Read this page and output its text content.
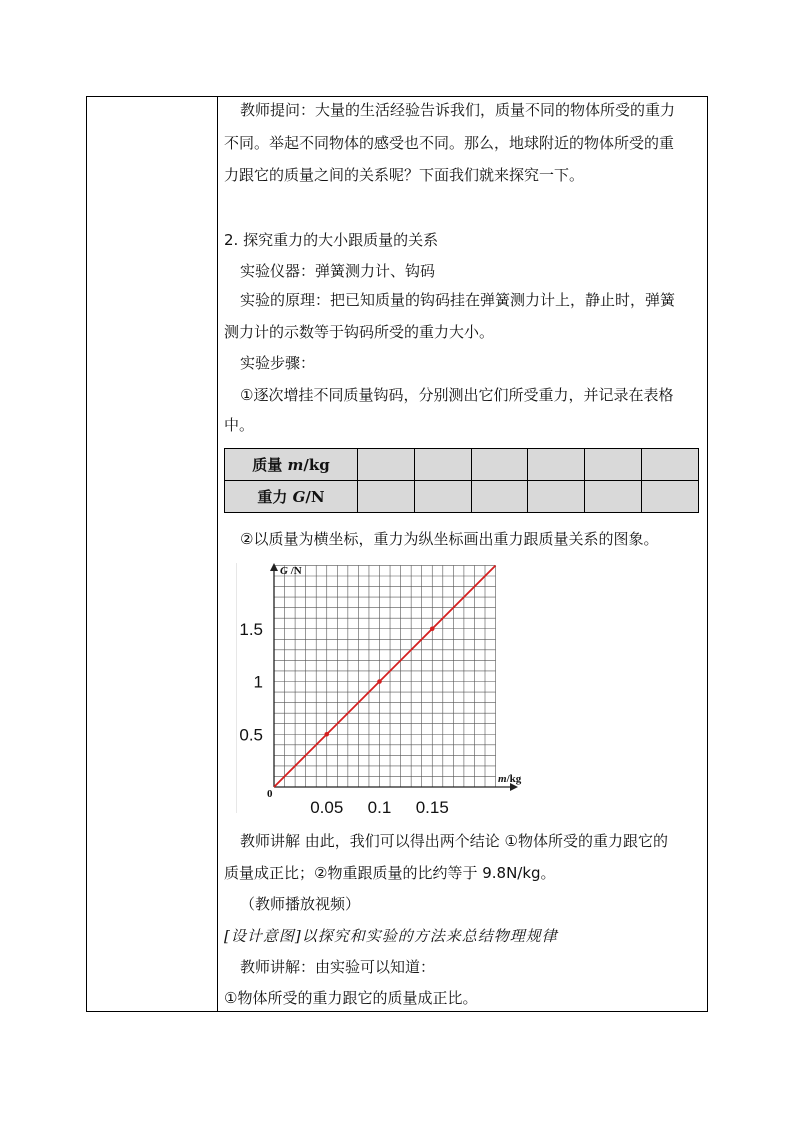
教师提问：大量的生活经验告诉我们，质量不同的物体所受的重力
不同。举起不同物体的感受也不同。那么，地球附近的物体所受的重
力跟它的质量之间的关系呢？下面我们就来探究一下。
2. 探究重力的大小跟质量的关系
实验仪器：弹簧测力计、钩码
实验的原理：把已知质量的钩码挂在弹簧测力计上，静止时，弹簧
测力计的示数等于钩码所受的重力大小。
实验步骤：
①逐次增挂不同质量钩码，分别测出它们所受重力，并记录在表格
中。
质量 m/kg						
重力 G/N						
②以质量为横坐标，重力为纵坐标画出重力跟质量关系的图象。
G /N
m/kg
0
0.05 0.1 0.15
0.5
1
1.5
教师讲解 由此，我们可以得出两个结论 ①物体所受的重力跟它的
质量成正比；②物重跟质量的比约等于 9.8N/kg。
（教师播放视频）
[设计意图]以探究和实验的方法来总结物理规律
教师讲解：由实验可以知道：
①物体所受的重力跟它的质量成正比。
